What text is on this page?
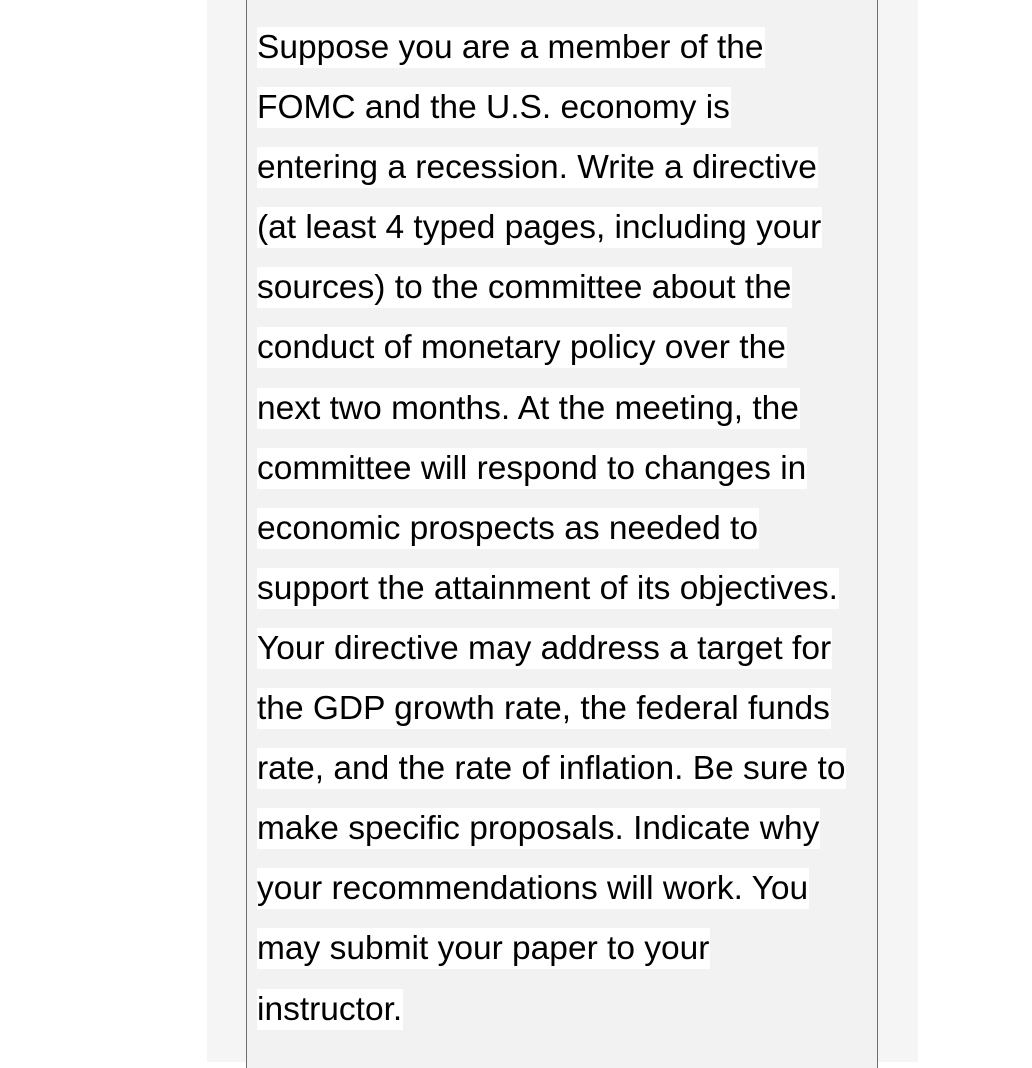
Suppose you are a member of the
FOMC and the U.S. economy is
entering a recession. Write a directive
(at least 4 typed pages, including your
sources) to the committee about the
conduct of monetary policy over the
next two months. At the meeting, the
committee will respond to changes in
economic prospects as needed to
support the attainment of its objectives.
Your directive may address a target for
the GDP growth rate, the federal funds
rate, and the rate of inflation. Be sure to
make specific proposals. Indicate why
your recommendations will work. You
may submit your paper to your
instructor.
